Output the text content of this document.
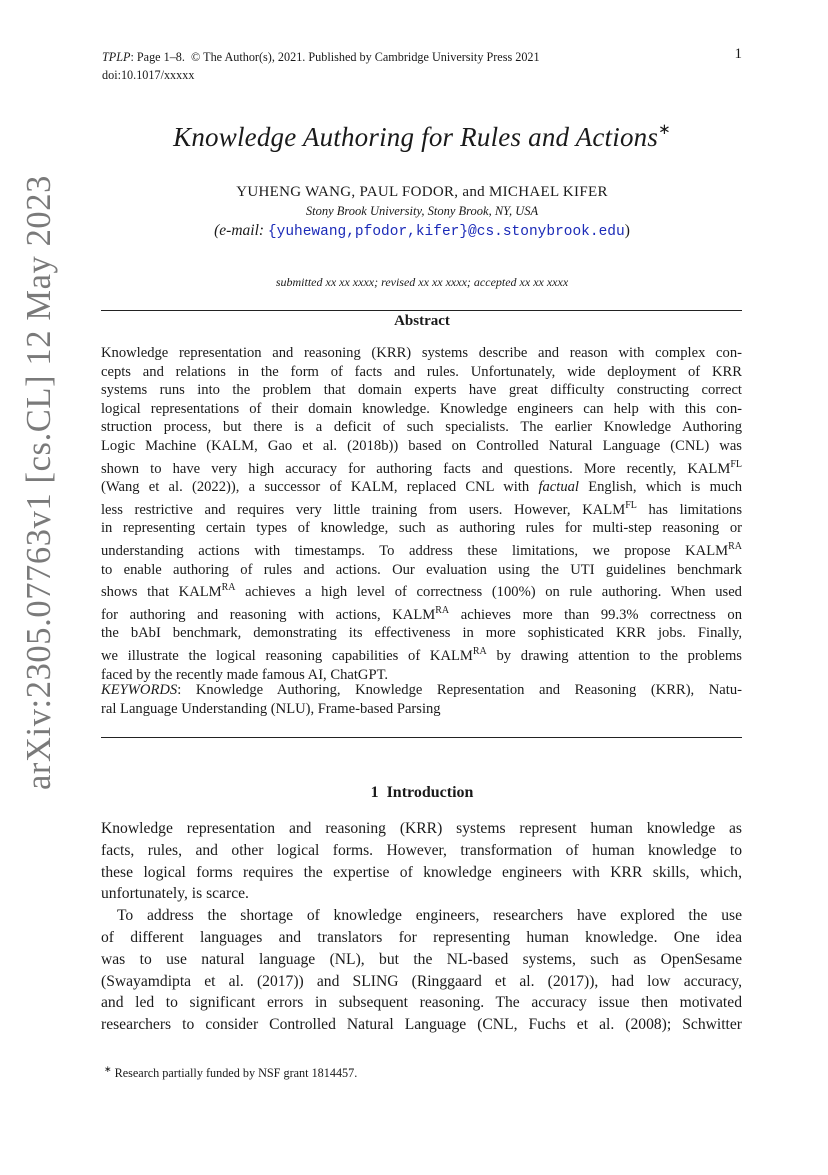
arXiv:2305.07763v1 [cs.CL] 12 May 2023
TPLP: Page 1–8. © The Author(s), 2021. Published by Cambridge University Press 2021
doi:10.1017/xxxxx
1
Knowledge Authoring for Rules and Actions∗
YUHENG WANG, PAUL FODOR, and MICHAEL KIFER
Stony Brook University, Stony Brook, NY, USA
(e-mail: {yuhewang,pfodor,kifer}@cs.stonybrook.edu)
submitted xx xx xxxx; revised xx xx xxxx; accepted xx xx xxxx
Abstract
Knowledge representation and reasoning (KRR) systems describe and reason with complex con-
cepts and relations in the form of facts and rules. Unfortunately, wide deployment of KRR
systems runs into the problem that domain experts have great difficulty constructing correct
logical representations of their domain knowledge. Knowledge engineers can help with this con-
struction process, but there is a deficit of such specialists. The earlier Knowledge Authoring
Logic Machine (KALM, Gao et al. (2018b)) based on Controlled Natural Language (CNL) was
shown to have very high accuracy for authoring facts and questions. More recently, $KALM^{FL}$
(Wang et al. (2022)), a successor of KALM, replaced CNL with factual English, which is much
less restrictive and requires very little training from users. However, $KALM^{FL}$ has limitations
in representing certain types of knowledge, such as authoring rules for multi-step reasoning or
understanding actions with timestamps. To address these limitations, we propose $KALM^{RA}$
to enable authoring of rules and actions. Our evaluation using the UTI guidelines benchmark
shows that $KALM^{RA}$ achieves a high level of correctness (100%) on rule authoring. When used
for authoring and reasoning with actions, $KALM^{RA}$ achieves more than 99.3% correctness on
the bAbI benchmark, demonstrating its effectiveness in more sophisticated KRR jobs. Finally,
we illustrate the logical reasoning capabilities of $KALM^{RA}$ by drawing attention to the problems
faced by the recently made famous AI, ChatGPT.
KEYWORDS: Knowledge Authoring, Knowledge Representation and Reasoning (KRR), Natu-
ral Language Understanding (NLU), Frame-based Parsing
1 Introduction
Knowledge representation and reasoning (KRR) systems represent human knowledge as
facts, rules, and other logical forms. However, transformation of human knowledge to
these logical forms requires the expertise of knowledge engineers with KRR skills, which,
unfortunately, is scarce.
To address the shortage of knowledge engineers, researchers have explored the use
of different languages and translators for representing human knowledge. One idea
was to use natural language (NL), but the NL-based systems, such as OpenSesame
(Swayamdipta et al. (2017)) and SLING (Ringgaard et al. (2017)), had low accuracy,
and led to significant errors in subsequent reasoning. The accuracy issue then motivated
researchers to consider Controlled Natural Language (CNL, Fuchs et al. (2008); Schwitter
∗ Research partially funded by NSF grant 1814457.
